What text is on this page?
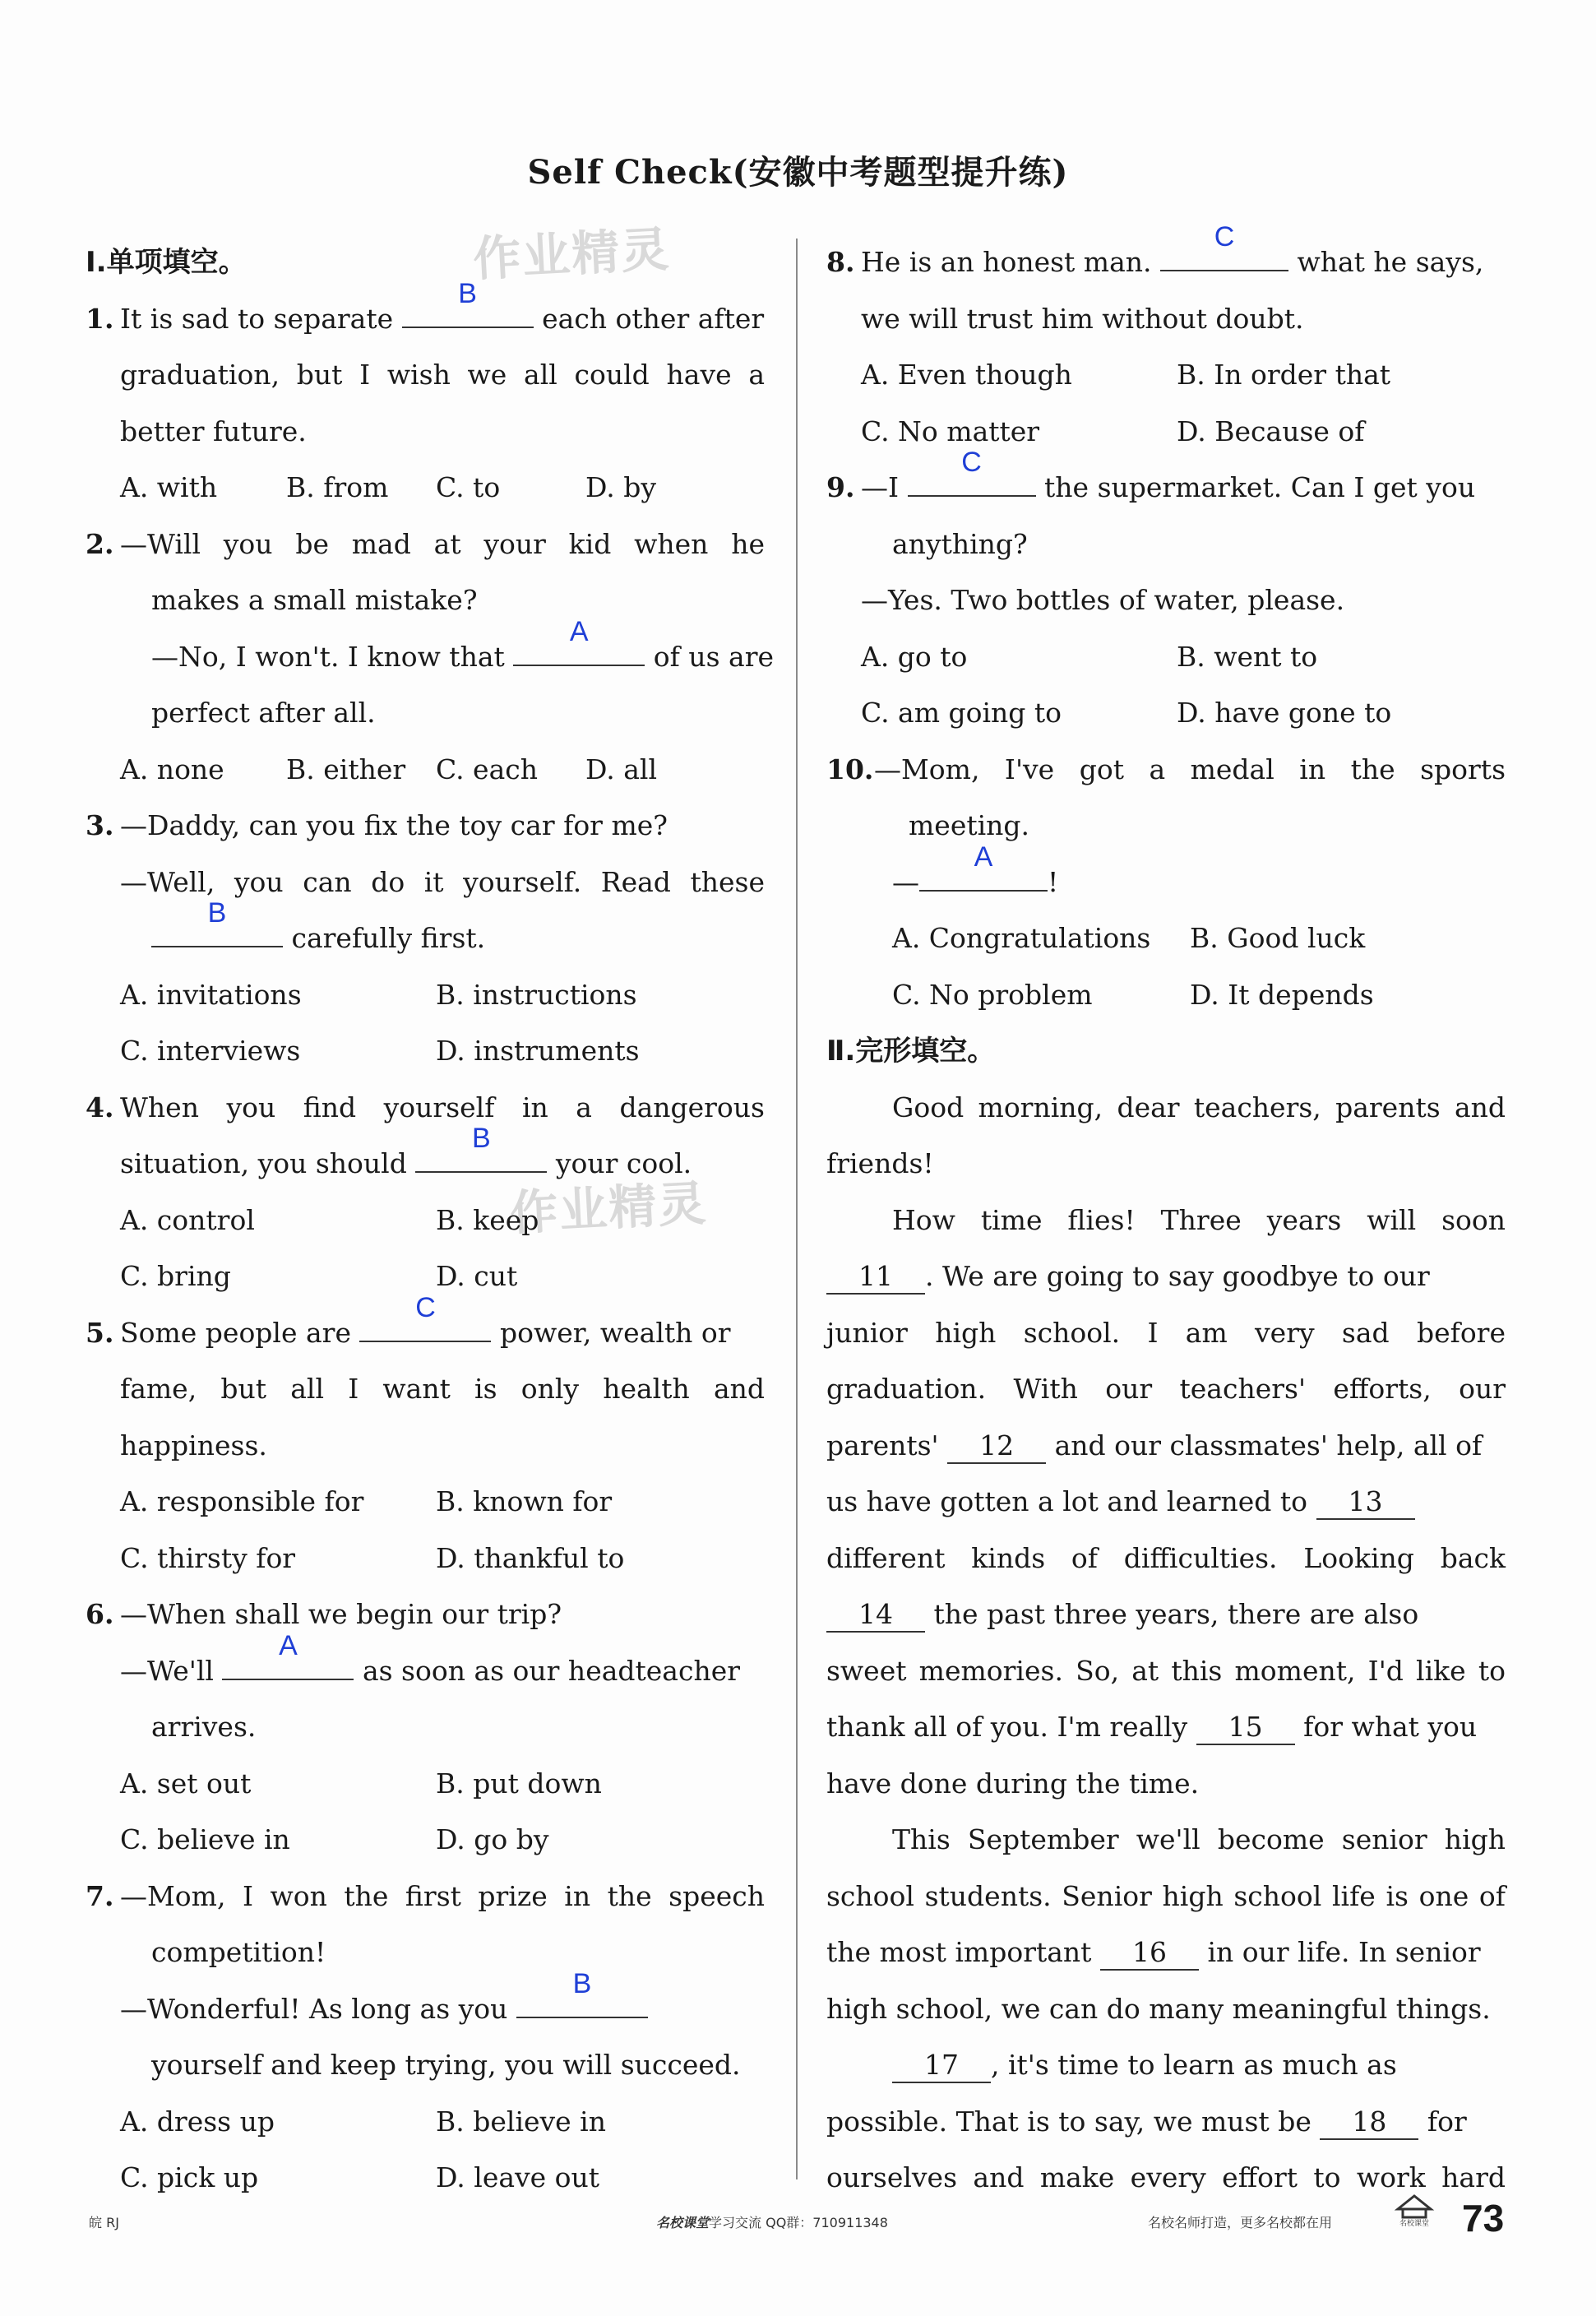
Self Check(安徽中考题型提升练)
作业精灵
作业精灵
Ⅰ.单项填空。
1. It is sad to separate
B
each other after
graduation, but I wish we all could have a
better future.
A. with	B. from C. to	D. by
2. —Will you be mad at your kid when he
makes a small mistake?
—No, I won't. I know that
A
of us are
perfect after all.
A. none B. either C. each D. all
3. —Daddy, can you fix the toy car for me?
—Well, you can do it yourself. Read these
B
carefully first.
A. invitations	B. instructions
C. interviews	D. instruments
4. When you find yourself in a dangerous
situation, you should
B
your cool.
A. control	B. keep
C. bring	D. cut
5. Some people are
C
power, wealth or
fame, but all I want is only health and
happiness.
A. responsible for	B. known for
C. thirsty for	D. thankful to
6. —When shall we begin our trip?
—We'll
A
as soon as our headteacher
arrives.
A. set out	B. put down
C. believe in	D. go by
7. —Mom, I won the first prize in the speech
competition!
—Wonderful! As long as you
B
yourself and keep trying, you will succeed.
A. dress up	B. believe in
C. pick up	D. leave out
8. He is an honest man.
C
what he says,
we will trust him without doubt.
A. Even though	B. In order that
C. No matter	D. Because of
9. —I
C
the supermarket. Can I get you
anything?
—Yes. Two bottles of water, please.
A. go to	B. went to
C. am going to	D. have gone to
10.—Mom, I've got a medal in the sports
meeting.
—
A
!
A. Congratulations B. Good luck
C. No problem	D. It depends
Ⅱ.完形填空。
Good morning, dear teachers, parents and
friends!
How time flies! Three years will soon
11 . We are going to say goodbye to our
junior high school. I am very sad before
graduation. With our teachers' efforts, our
parents' 12 and our classmates' help, all of
us have gotten a lot and learned to 13
different kinds of difficulties. Looking back
14 the past three years, there are also
sweet memories. So, at this moment, I'd like to
thank all of you. I'm really 15 for what you
have done during the time.
This September we'll become senior high
school students. Senior high school life is one of
the most important 16 in our life. In senior
high school, we can do many meaningful things.
17 , it's time to learn as much as
possible. That is to say, we must be 18 for
ourselves and make every effort to work hard
皖 RJ	名校课堂学习交流 QQ群：710911348	名校名师打造，更多名校都在用	名校课堂 73
